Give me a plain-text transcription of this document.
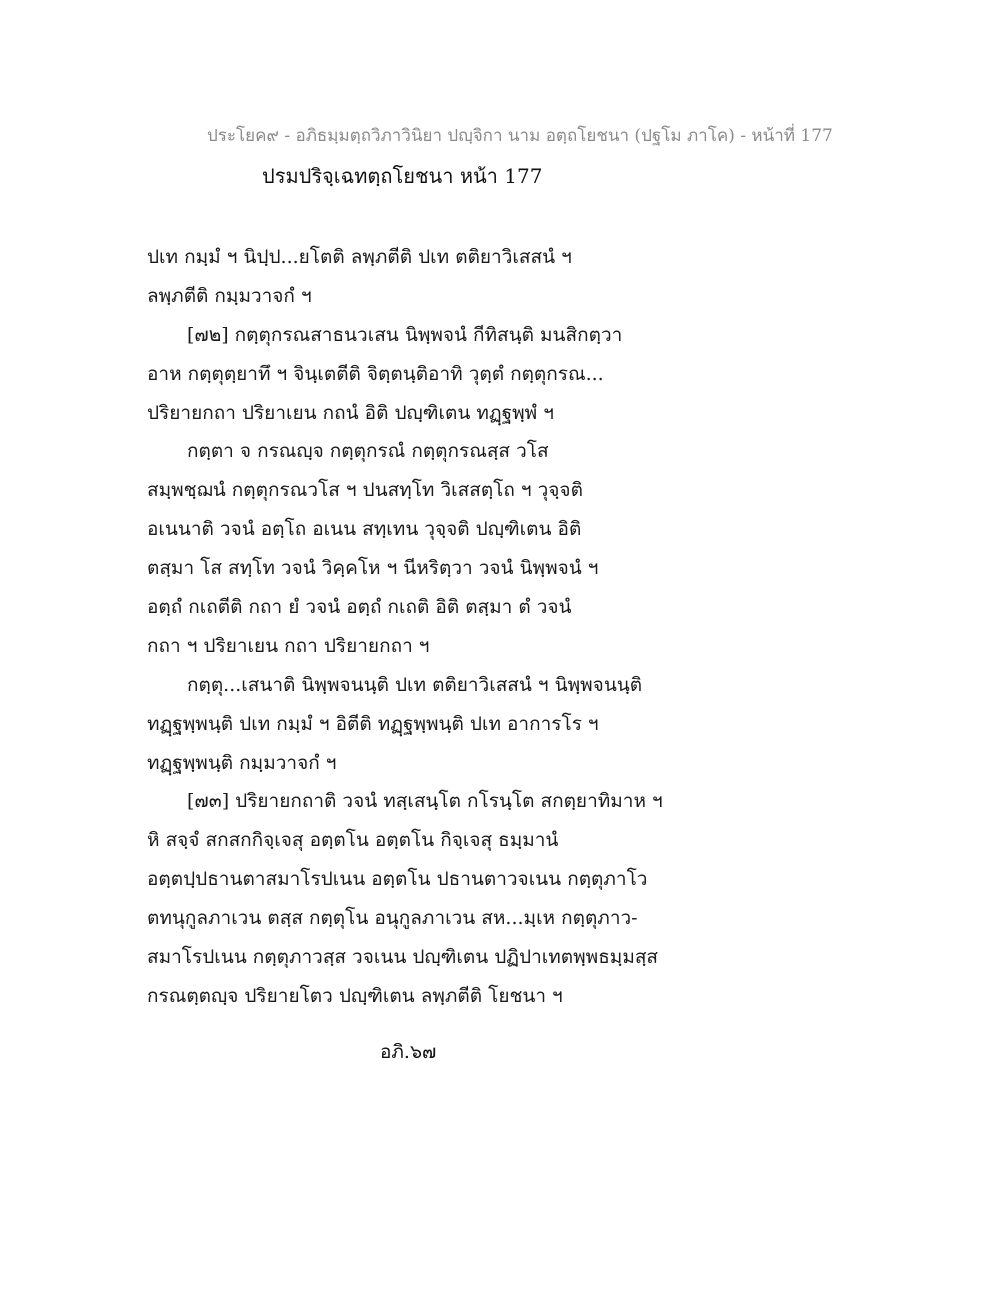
ประโยค๙ - อภิธมฺมตฺถวิภาวินิยา ปญฺจิกา นาม อตฺถโยชนา (ปฐโม ภาโค) - หน้าที่ 177
ปรมปริจฺเฉทตฺถโยชนา หน้า 177
ปเท กมฺมํ ฯ นิปฺป...ยโตติ ลพฺภตีติ ปเท ตติยาวิเสสนํ ฯ
ลพฺภตีติ กมฺมวาจกํ ฯ
[๗๒] กตฺตุกรณสาธนวเสน นิพฺพจนํ กีทิสนฺติ มนสิกตฺวา
อาห กตฺตุตฺยาทึ ฯ จินฺเตตีติ จิตฺตนฺติอาทิ วุตฺตํ กตฺตุกรณ...
ปริยายกถา ปริยาเยน กถนํ อิติ ปญฺฑิเตน ทฏฺฐพฺพํ ฯ
กตฺตา จ กรณญฺจ กตฺตุกรณํ กตฺตุกรณสฺส วโส
สมฺพชฺฌนํ กตฺตุกรณวโส ฯ ปนสทฺโท วิเสสตฺโถ ฯ วุจฺจติ
อเนนาติ วจนํ อตฺโถ อเนน สทฺเทน วุจฺจติ ปญฺฑิเตน อิติ
ตสฺมา โส สทฺโท วจนํ วิคฺคโห ฯ นีหริตฺวา วจนํ นิพฺพจนํ ฯ
อตฺถํ กเถตีติ กถา ยํ วจนํ อตฺถํ กเถติ อิติ ตสฺมา ตํ วจนํ
กถา ฯ ปริยาเยน กถา ปริยายกถา ฯ
กตฺตุ...เสนาติ นิพฺพจนนฺติ ปเท ตติยาวิเสสนํ ฯ นิพฺพจนนฺติ
ทฏฺฐพฺพนฺติ ปเท กมฺมํ ฯ อิตีติ ทฏฺฐพฺพนฺติ ปเท อาการโร ฯ
ทฏฺฐพฺพนฺติ กมฺมวาจกํ ฯ
[๗๓] ปริยายกถาติ วจนํ ทสฺเสนฺโต กโรนฺโต สกตฺยาทิมาห ฯ
หิ สจฺจํ สกสกกิจฺเจสุ อตฺตโน อตฺตโน กิจฺเจสุ ธมฺมานํ
อตฺตปฺปธานตาสมาโรปเนน อตฺตโน ปธานตาวจเนน กตฺตุภาโว
ตทนุกูลภาเวน ตสฺส กตฺตุโน อนุกูลภาเวน สห...มฺเห กตฺตุภาว-
สมาโรปเนน กตฺตุภาวสฺส วจเนน ปญฺฑิเตน ปฏิปาเทตพฺพธมฺมสฺส
กรณตฺตญฺจ ปริยายโตว ปญฺฑิเตน ลพฺภตีติ โยชนา ฯ
อภิ.๖๗
